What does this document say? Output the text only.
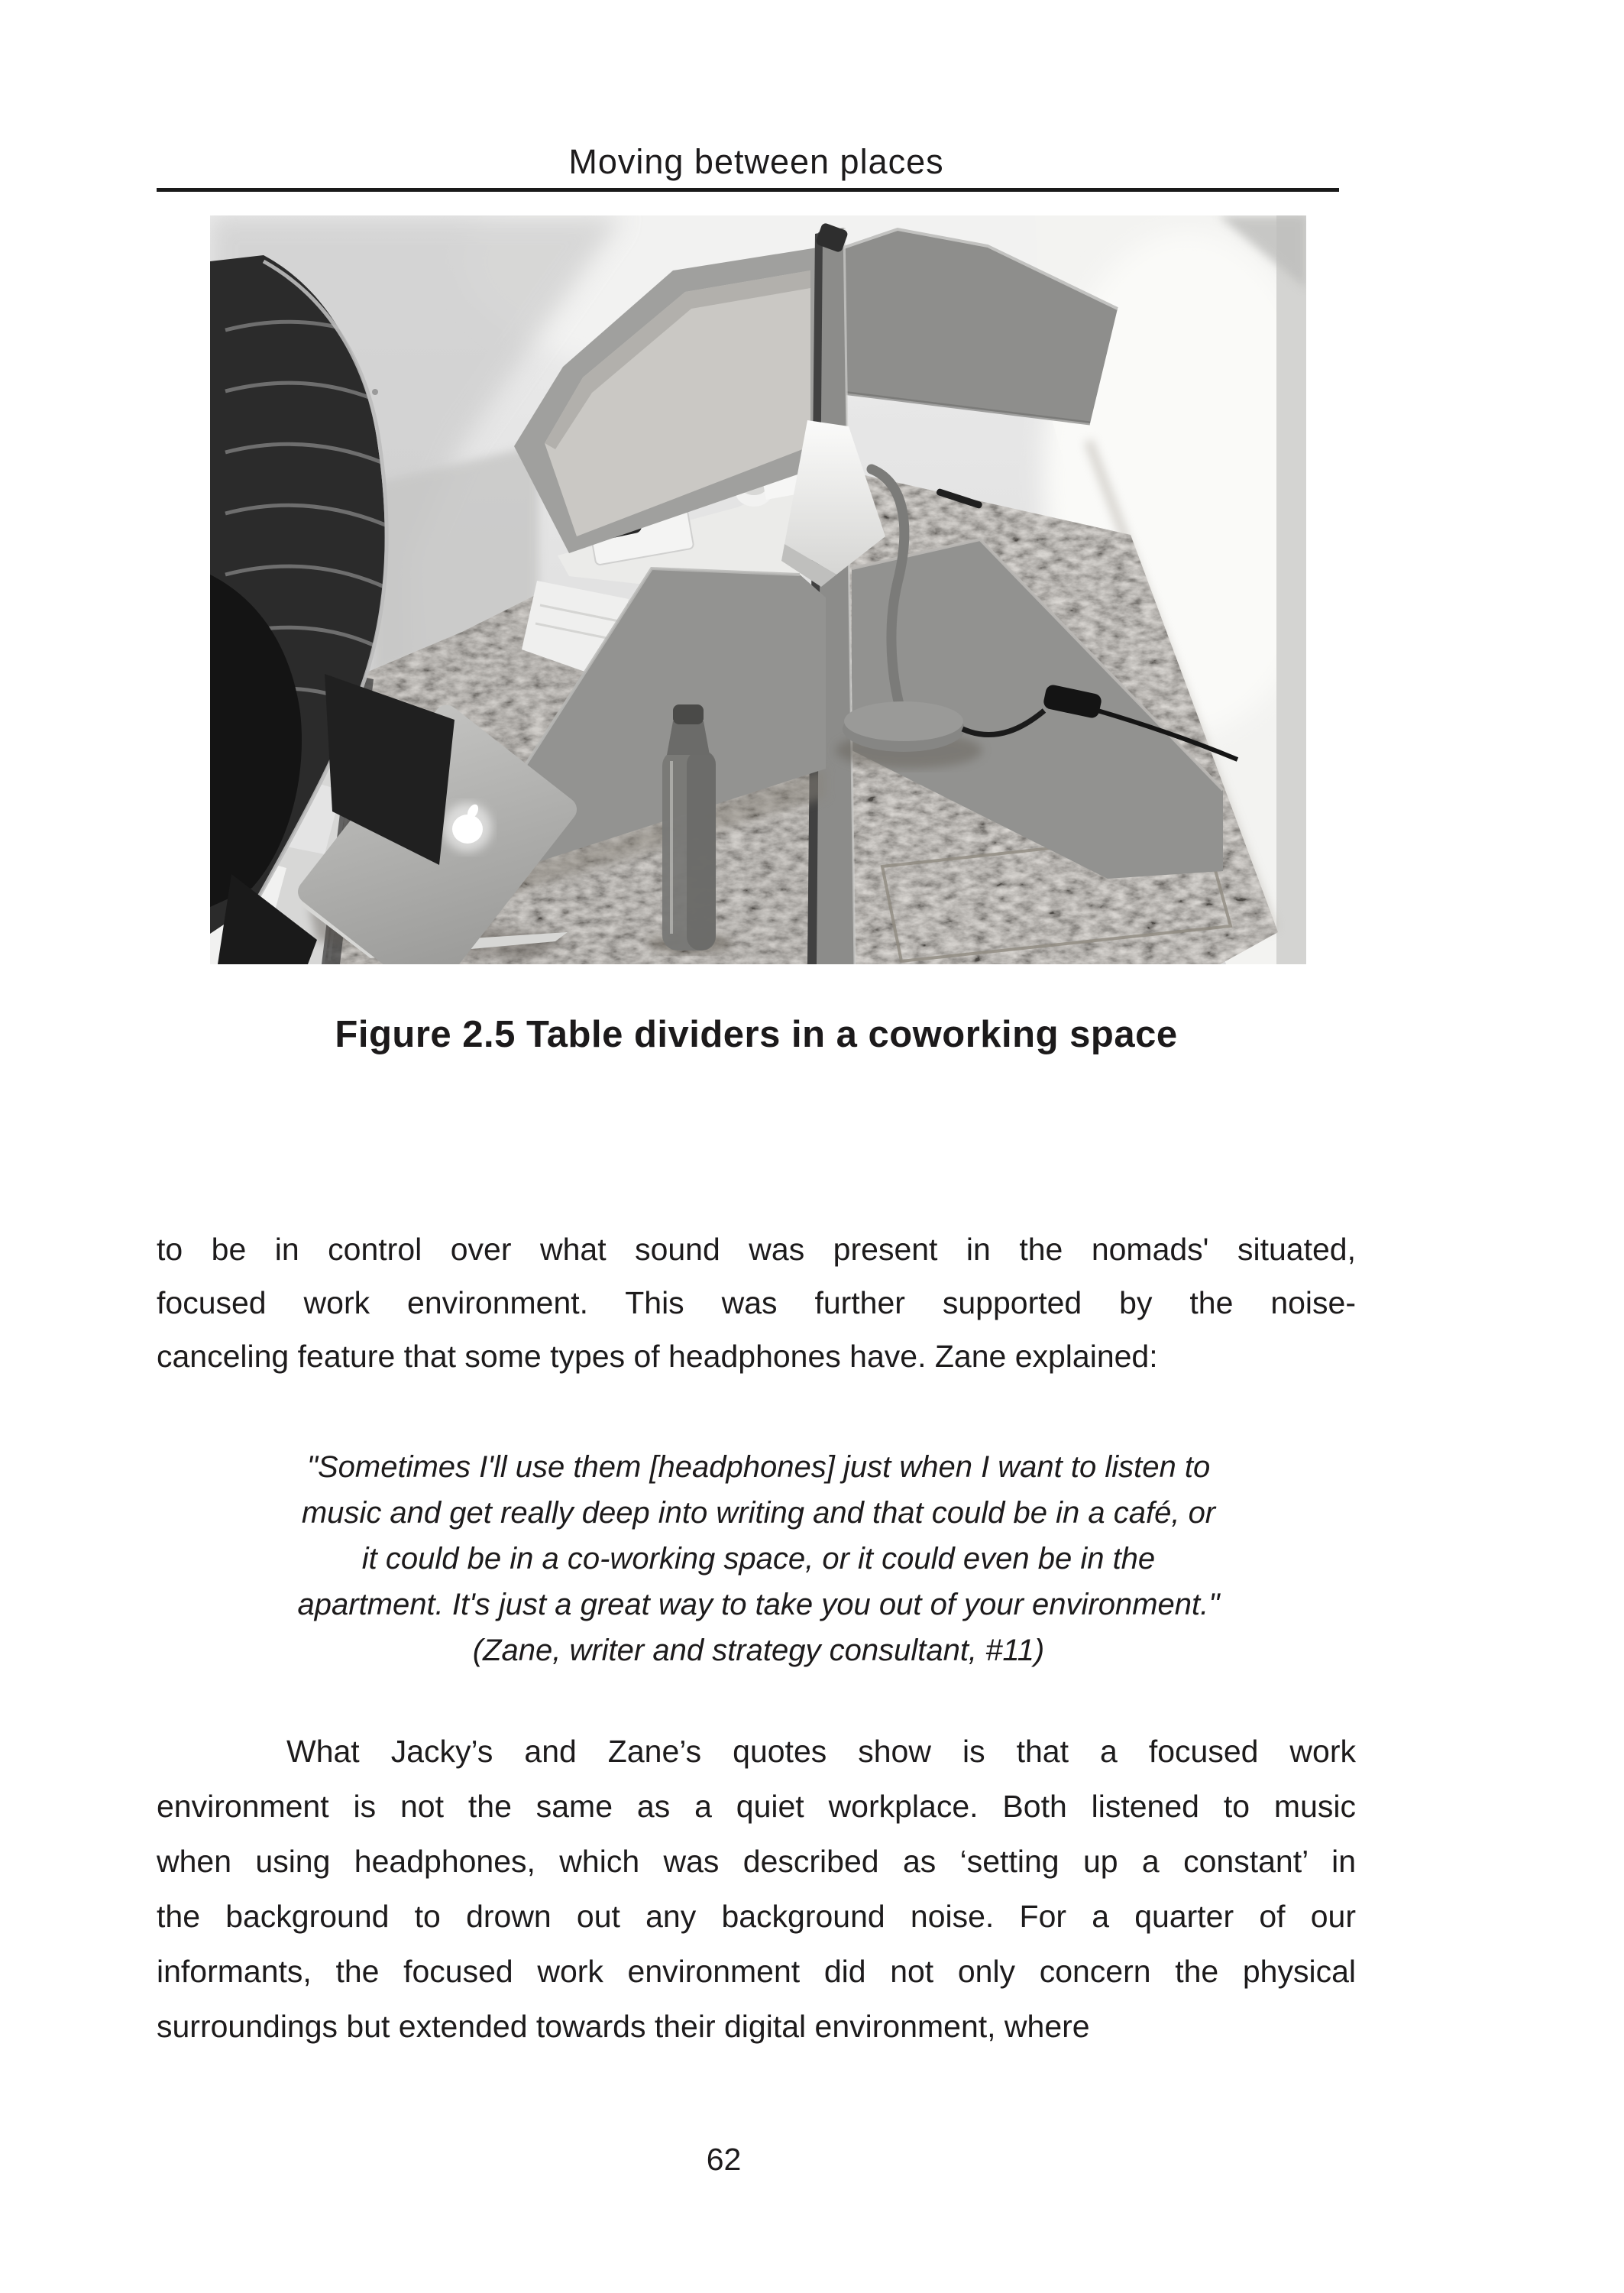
Moving between places
Figure 2.5 Table dividers in a coworking space
to be in control over what sound was present in the nomads' situated,
focused work environment. This was further supported by the noise-
canceling feature that some types of headphones have. Zane explained:
"Sometimes I'll use them [headphones] just when I want to listen to
music and get really deep into writing and that could be in a café, or
it could be in a co-working space, or it could even be in the
apartment. It's just a great way to take you out of your environment."
(Zane, writer and strategy consultant, #11)
What Jacky’s and Zane’s quotes show is that a focused work
environment is not the same as a quiet workplace. Both listened to music
when using headphones, which was described as ‘setting up a constant’ in
the background to drown out any background noise. For a quarter of our
informants, the focused work environment did not only concern the physical
surroundings but extended towards their digital environment, where
62
